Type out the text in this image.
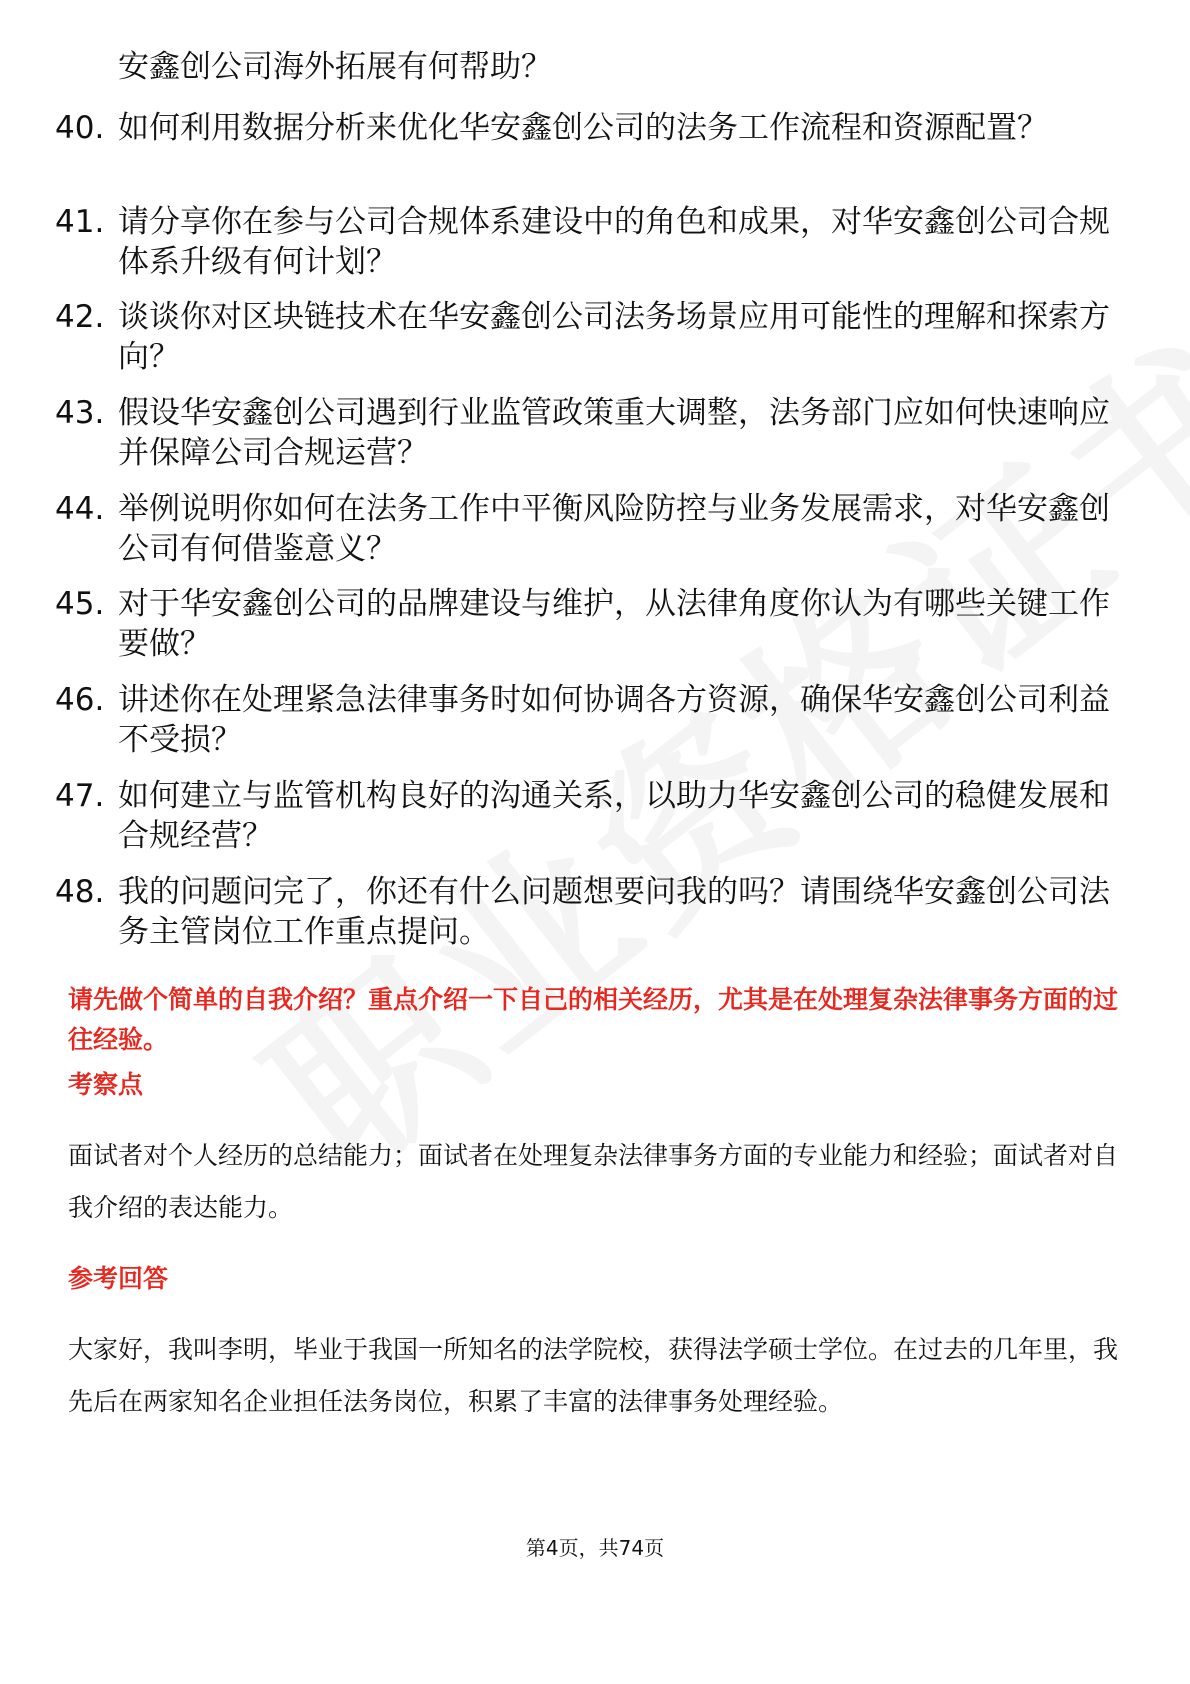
安鑫创公司海外拓展有何帮助？
40. 如何利用数据分析来优化华安鑫创公司的法务工作流程和资源配置？
41. 请分享你在参与公司合规体系建设中的角色和成果，对华安鑫创公司合规体系升级有何计划？
42. 谈谈你对区块链技术在华安鑫创公司法务场景应用可能性的理解和探索方向？
43. 假设华安鑫创公司遇到行业监管政策重大调整，法务部门应如何快速响应并保障公司合规运营？
44. 举例说明你如何在法务工作中平衡风险防控与业务发展需求，对华安鑫创公司有何借鉴意义？
45. 对于华安鑫创公司的品牌建设与维护，从法律角度你认为有哪些关键工作要做？
46. 讲述你在处理紧急法律事务时如何协调各方资源，确保华安鑫创公司利益不受损？
47. 如何建立与监管机构良好的沟通关系，以助力华安鑫创公司的稳健发展和合规经营？
48. 我的问题问完了，你还有什么问题想要问我的吗？请围绕华安鑫创公司法务主管岗位工作重点提问。
请先做个简单的自我介绍？重点介绍一下自己的相关经历，尤其是在处理复杂法律事务方面的过往经验。
考察点
面试者对个人经历的总结能力；面试者在处理复杂法律事务方面的专业能力和经验；面试者对自我介绍的表达能力。
参考回答
大家好，我叫李明，毕业于我国一所知名的法学院校，获得法学硕士学位。在过去的几年里，我先后在两家知名企业担任法务岗位，积累了丰富的法律事务处理经验。
第4页，共74页
